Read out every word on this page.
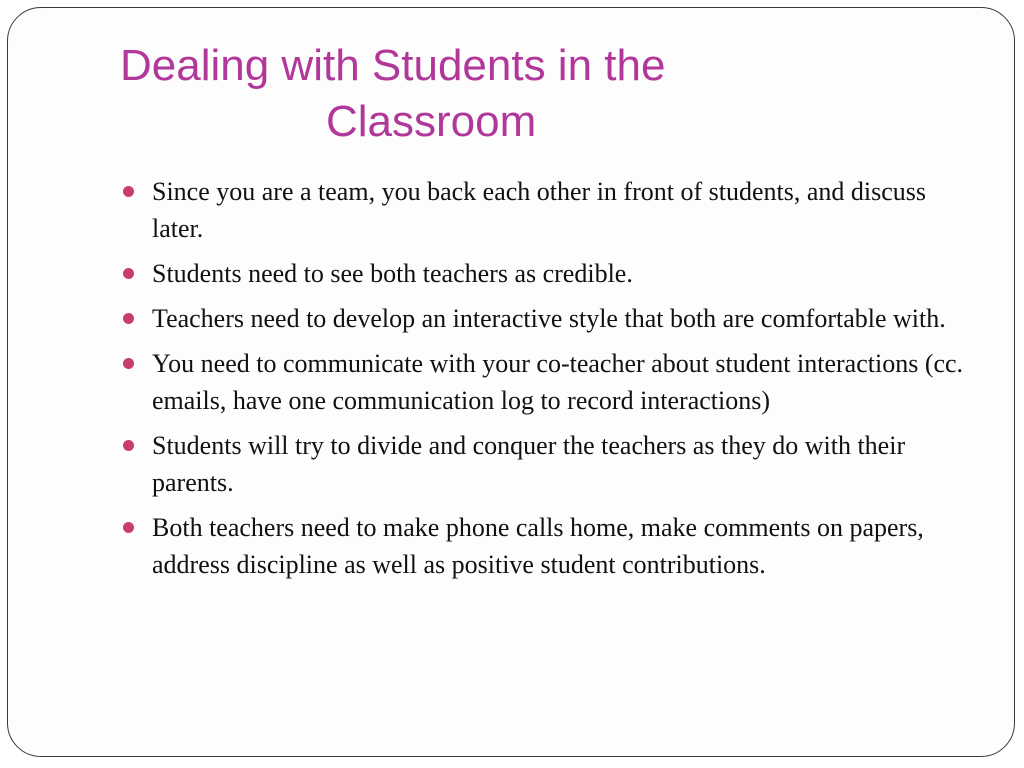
Dealing with Students in the
Classroom
Since you are a team, you back each other in front of students, and discuss later.
Students need to see both teachers as credible.
Teachers need to develop an interactive style that both are comfortable with.
You need to communicate with your co-teacher about student interactions (cc. emails, have one communication log to record interactions)
Students will try to divide and conquer the teachers as they do with their parents.
Both teachers need to make phone calls home, make comments on papers, address discipline as well as positive student contributions.
